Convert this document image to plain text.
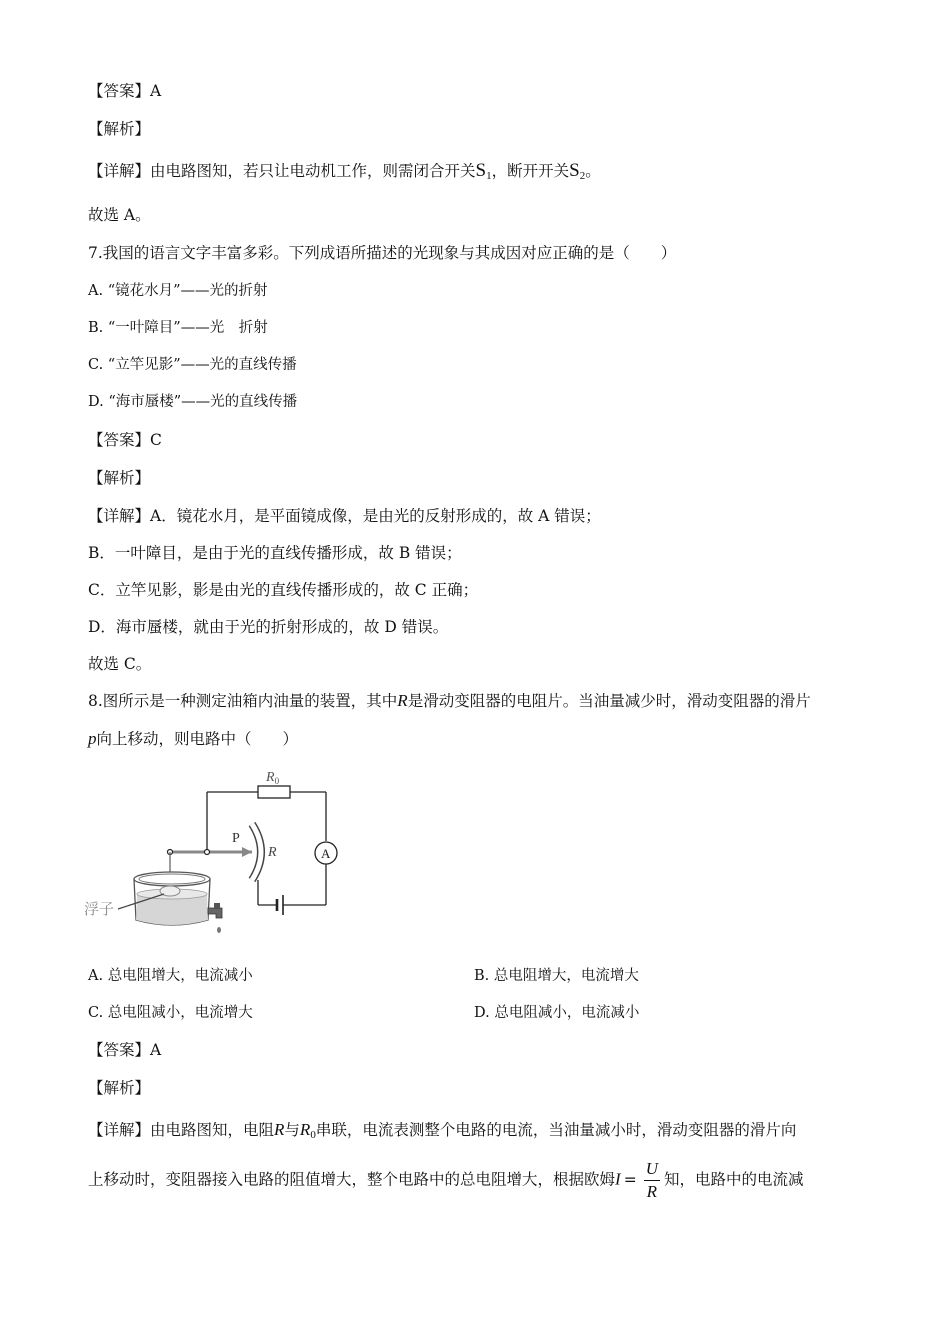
【答案】A
【解析】
【详解】由电路图知，若只让电动机工作，则需闭合开关$S_1$，断开开关$S_2$。
故选 A。
7.我国的语言文字丰富多彩。下列成语所描述的光现象与其成因对应正确的是（　　）
A. “镜花水月”——光的折射
B. “一叶障目”——光　折射
C. “立竿见影”——光的直线传播
D. “海市蜃楼”——光的直线传播
【答案】C
【解析】
【详解】A．镜花水月，是平面镜成像，是由光的反射形成的，故 A 错误；
B．一叶障目，是由于光的直线传播形成，故 B 错误；
C．立竿见影，影是由光的直线传播形成的，故 C 正确；
D．海市蜃楼，就由于光的折射形成的，故 D 错误。
故选 C。
8.图所示是一种测定油箱内油量的装置，其中R是滑动变阻器的电阻片。当油量减少时，滑动变阻器的滑片
p向上移动，则电路中（　　）
$R_0$
A
R
P
浮子
A. 总电阻增大，电流减小	B. 总电阻增大，电流增大
C. 总电阻减小，电流增大	D. 总电阻减小，电流减小
【答案】A
【解析】
【详解】由电路图知，电阻R与$R_0$串联，电流表测整个电路的电流，当油量减小时，滑动变阻器的滑片向
上移动时，变阻器接入电路的阻值增大，整个电路中的总电阻增大，根据欧姆$I = \frac{U}{R}$ 知，电路中的电流减
